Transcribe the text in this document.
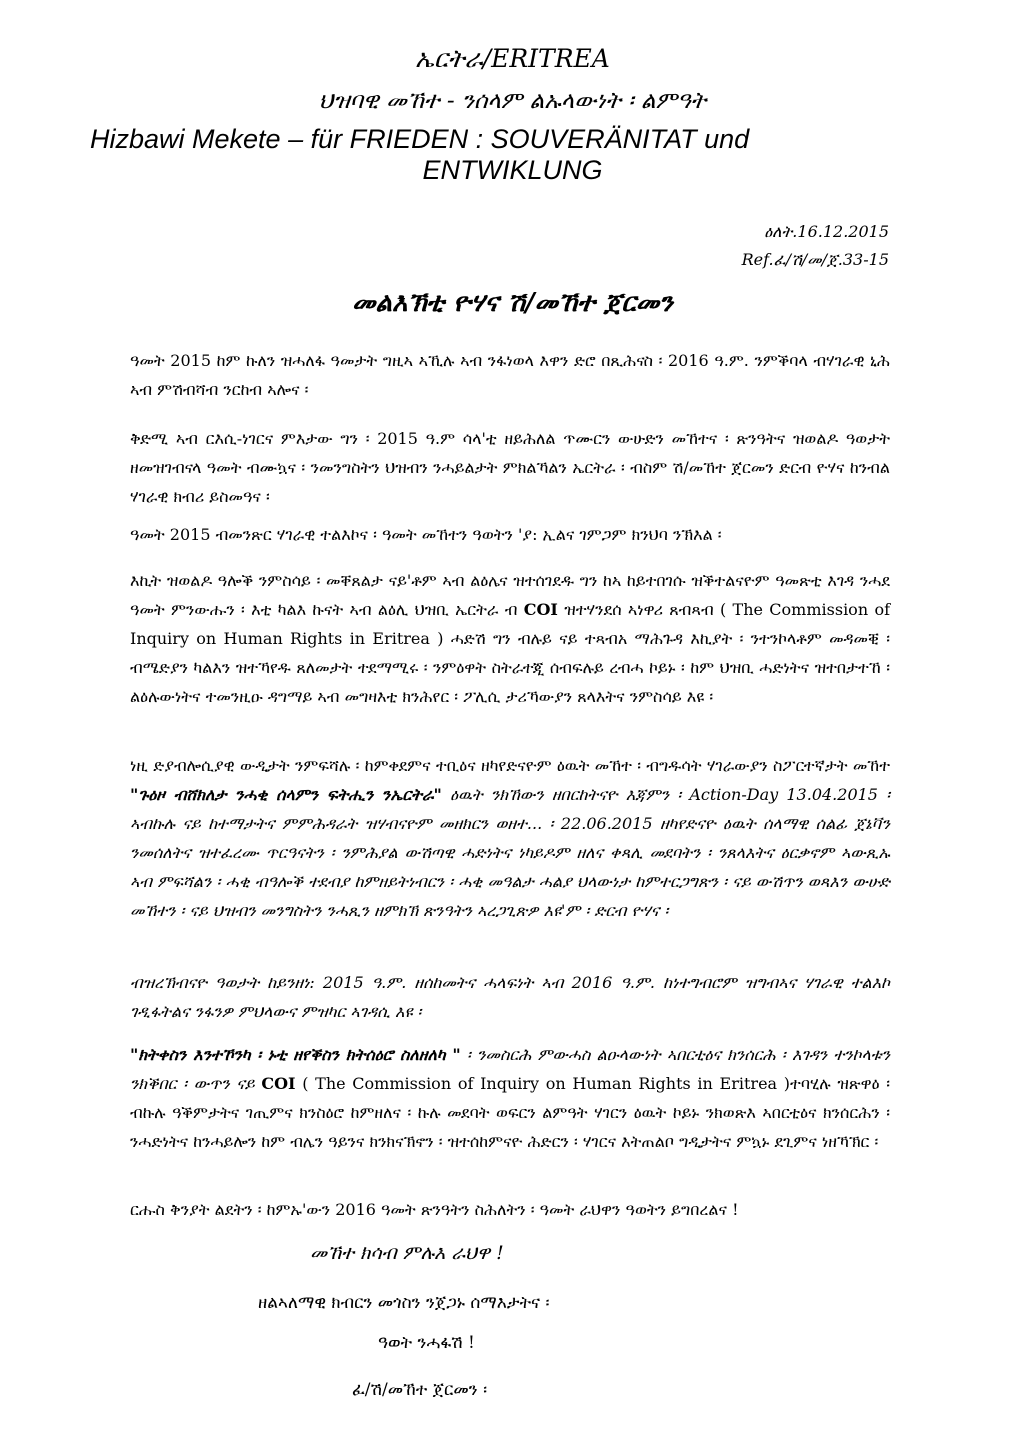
ኤርትራ/ERITREA
ህዝባዊ መኸተ - ንሰላም ልኡላውነት ፡ ልምዓት
Hizbawi Mekete – für FRIEDEN : SOUVERÄNITAT und
ENTWIKLUNG
ዕለት.16.12.2015
Ref.ፈ/ሽ/መ/ጀ.33-15
መልእኽቲ ዮሃና ሽ/መኸተ ጀርመን

ዓመት 2015 ከም ኩለን ዝሓለፋ ዓመታት ግዚኣ ኣኺሉ ኣብ ንፋነወላ እዋን ድሮ በጺሕናስ ፡ 2016 ዓ.ም. ንምቕባላ ብሃገራዊ ኒሕ ኣብ ምሽብሻብ ንርከብ ኣሎና ፡

ቅድሚ ኣብ ርእሲ-ነገርና ምእታው ግን ፡ 2015 ዓ.ም ሳላ'ቲ ዘይሕለል ጥሙርን ውሁድን መኸተና ፡ ጽንዓትና ዝወልዶ ዓወታት ዘመዝገብናላ ዓመት ብሙኳና ፡ ንመንግስትን ህዝብን ንሓይልታት ምክልኻልን ኤርትራ ፡ ብስም ሽ/መኸተ ጀርመን ድርብ ዮሃና ከንብል ሃገራዊ ክብሪ ይስመዓና ፡

ዓመት 2015 ብመንጽር ሃገራዊ ተልእኮና ፡ ዓመት መኸተን ዓወትን 'ያ: ኢልና ገምጋም ክንህባ ንኽእል ፡

እኪት ዝወልዶ ዓሎቕ ንምስሳይ ፡ መቐጸልታ ናይ'ቶም ኣብ ልዕሌና ዝተሰገደዱ ግን ከኣ ከይተበገሱ ዝቕተልናዮም ዓመጽቲ እገዳ ንሓደ ዓመት ምንውሑን ፡ እቲ ካልእ ኩናት ኣብ ልዕሊ ህዝቢ ኤርትራ ብ COI ዝተሃንደሰ ኣነዋሪ ጸብጻብ ( The Commission of Inquiry on Human Rights in Eritrea ) ሓድሽ ግን ብሉይ ናይ ተጻብአ ማሕጉዳ እኪያት ፡ ንተንኮላቶም መዳመቒ ፡ ብሜድያን ካልእን ዝተኻየዱ ጸለመታት ተደማሚሩ ፡ ንምዕዋት ስትራተጂ ሰብፍሉይ ረብሓ ኮይኑ ፡ ከም ህዝቢ ሓድነትና ዝተበታተኸ ፡ ልዕሉውነትና ተመንዚዑ ዳግማይ ኣብ መግዛእቲ ክንሕየር ፡ ፖሊሲ ታሪኻውያን ጸላእትና ንምስሳይ እዩ ፡

ነዚ ድያብሎሲያዊ ውዲታት ንምፍሻሉ ፡ ከምቀደምና ተቢዕና ዘካየድናዮም ዕዉት መኸተ ፡ ብግዱሳት ሃገራውያን ስፖርተኛታት መኸተ "ጉዕዞ ብሸክለታ ንሓቂ ሰላምን ፍትሒን ንኤርትራ" ዕዉት ንክኸውን ዘበርከትናዮ እጃምን ፡ Action-Day 13.04.2015 ፡ ኣብኩሉ ናይ ከተማታትና ምምሕዳራት ዝሃብናዮም መዘክርን ወዘተ... ፡ 22.06.2015 ዘካየድናዮ ዕዉት ሰላማዊ ሰልፊ ጀኔቫን ንመሰለትና ዝተፈረሙ ጥርዓናትን ፡ ንምሕያል ውሽጣዊ ሓድነትና ነካይዶም ዘለና ቀጻሊ መደባትን ፡ ንጸላእትና ዕርቃኖም ኣውጺኡ ኣብ ምፍሻልን ፡ ሓቂ ብዓሎቕ ተደብያ ከምዘይትነብርን ፡ ሓቂ መዓልታ ሓልያ ህላውነታ ከምተርጋግጽን ፡ ናይ ውሽጥን ወጻእን ውሁድ መኸተን ፡ ናይ ህዝብን መንግስትን ንሓጺን ዘምክኽ ጽንዓትን ኣረጋጊጽዎ እዩ'ም ፡ ድርብ ዮሃና ፡

ብዝረኽብናዮ ዓወታት ከይንዘነ: 2015 ዓ.ም. ዘሰከመትና ሓላፍነት ኣብ 2016 ዓ.ም. ከነተግብሮም ዝግብኣና ሃገራዊ ተልእኮ ገዲፋትልና ንፋንዎ ምህላውና ምዝካር ኣገዳሲ እዩ ፡

"ክትቀስን እንተኾንካ ፡ ኑቲ ዘየቕስን ክትሰዕሮ ስለዘለካ " ፡ ንመስርሕ ምውሓስ ልዑላውነት ኣበርቲዕና ክንሰርሕ ፡ እገዳን ተንኮላቱን ንክቕበር ፡ ውጥን ናይ COI ( The Commission of Inquiry on Human Rights in Eritrea )ተባሂሉ ዝጽዋዕ ፡ ብኩሉ ዓቕምታትና ገጢምና ክንስዕሮ ከምዘለና ፡ ኩሉ መደባት ወፍርን ልምዓት ሃገርን ዕዉት ኮይኑ ንክወጽእ ኣበርቲዕና ክንሰርሕን ፡ ንሓድነትና ከንሓይሎን ከም ብሌን ዓይንና ክንክናኽኖን ፡ ዝተሰከምናዮ ሕድርን ፡ ሃገርና እትጠልቦ ግዲታትና ምኳኑ ደጊምና ነዘኻኽር ፡

ርሑስ ቅንያት ልደትን ፡ ከምኡ'ውን 2016 ዓመት ጽንዓትን ስሕለትን ፡ ዓመት ራህዋን ዓወትን ይግበረልና !

መኸተ ክሳብ ምሉእ ራህዋ !
ዘልኣለማዊ ክብርን መጎስን ንጀጋኑ ሰማእታትና ፡
ዓወት ንሓፋሽ !
ፈ/ሽ/መኸተ ጀርመን ፡
